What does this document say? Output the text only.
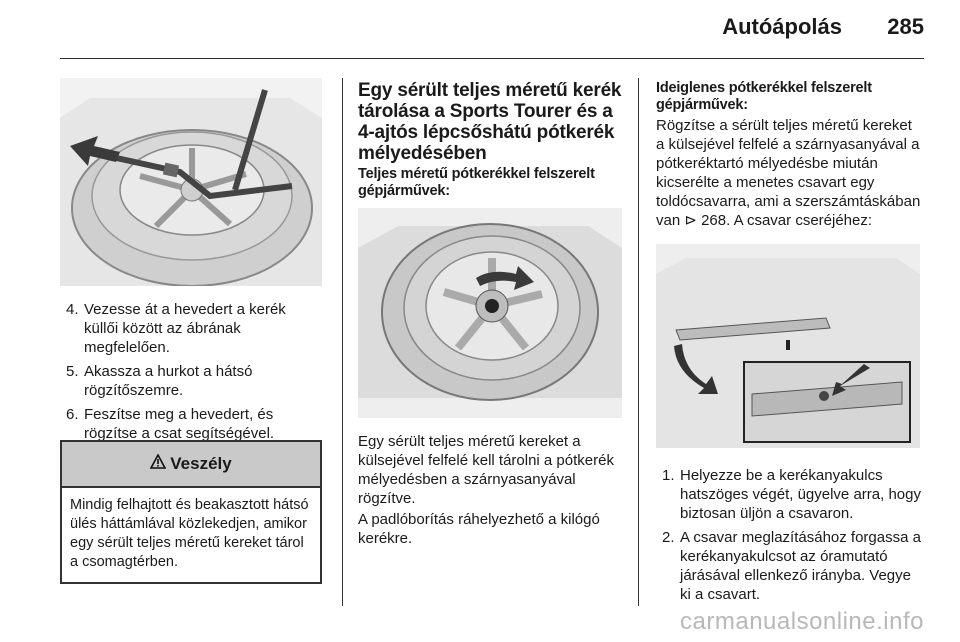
Autóápolás 285
4. Vezesse át a hevedert a kerék küllői között az ábrának megfelelően.
5. Akassza a hurkot a hátsó rögzítőszemre.
6. Feszítse meg a hevedert, és rögzítse a csat segítségével.
Veszély
Mindig felhajtott és beakasztott hátsó ülés háttámlával közlekedjen, amikor egy sérült teljes méretű kereket tárol a csomagtérben.
Egy sérült teljes méretű kerék tárolása a Sports Tourer és a 4-ajtós lépcsőshátú pótkerék mélyedésében
Teljes méretű pótkerékkel felszerelt gépjárművek:
Egy sérült teljes méretű kereket a külsejével felfelé kell tárolni a pótkerék mélyedésben a szárnyasanyával rögzítve.
A padlóborítás ráhelyezhető a kilógó kerékre.
Ideiglenes pótkerékkel felszerelt gépjárművek:
Rögzítse a sérült teljes méretű kereket a külsejével felfelé a szárnyasanyával a pótkeréktartó mélyedésbe miután kicserélte a menetes csavart egy toldócsavarra, ami a szerszámtáskában van ⊳ 268. A csavar cseréjéhez:
1. Helyezze be a kerékanyakulcs hatszöges végét, ügyelve arra, hogy biztosan üljön a csavaron.
2. A csavar meglazításához forgassa a kerékanyakulcsot az óramutató járásával ellenkező irányba. Vegye ki a csavart.
carmanualsonline.info
